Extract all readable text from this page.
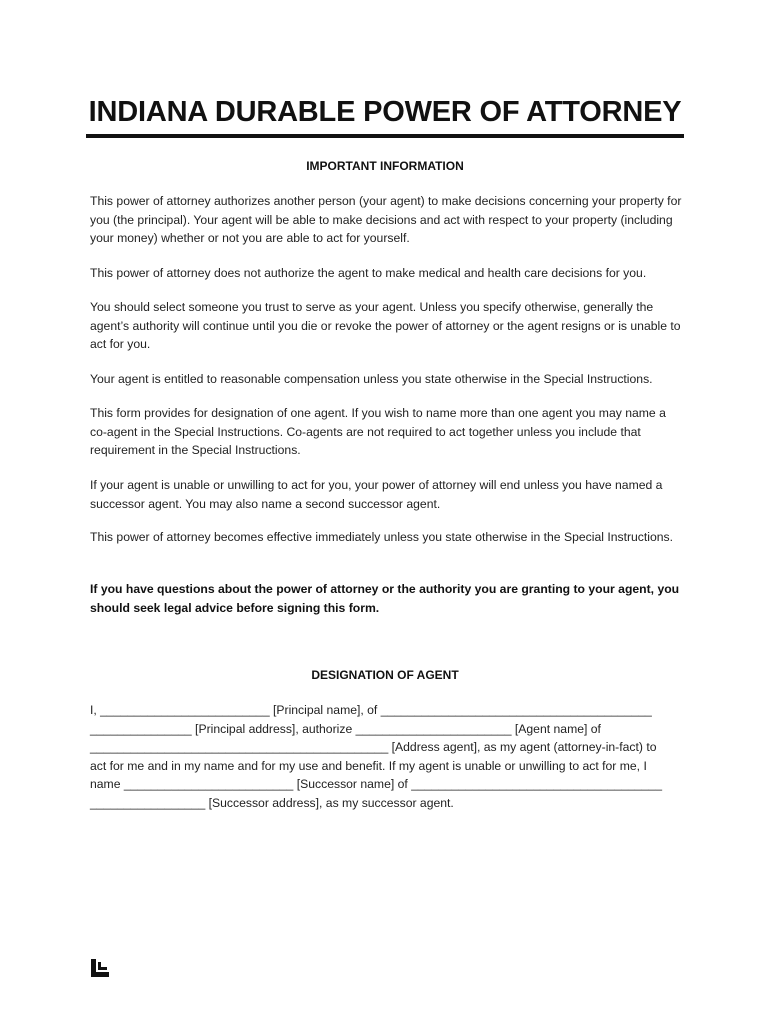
INDIANA DURABLE POWER OF ATTORNEY
IMPORTANT INFORMATION

This power of attorney authorizes another person (your agent) to make decisions concerning your property for you (the principal). Your agent will be able to make decisions and act with respect to your property (including your money) whether or not you are able to act for yourself.

This power of attorney does not authorize the agent to make medical and health care decisions for you.

You should select someone you trust to serve as your agent. Unless you specify otherwise, generally the agent’s authority will continue until you die or revoke the power of attorney or the agent resigns or is unable to act for you.

Your agent is entitled to reasonable compensation unless you state otherwise in the Special Instructions.

This form provides for designation of one agent. If you wish to name more than one agent you may name a co-agent in the Special Instructions. Co-agents are not required to act together unless you include that requirement in the Special Instructions.

If your agent is unable or unwilling to act for you, your power of attorney will end unless you have named a successor agent. You may also name a second successor agent.

This power of attorney becomes effective immediately unless you state otherwise in the Special Instructions.

If you have questions about the power of attorney or the authority you are granting to your agent, you should seek legal advice before signing this form.

DESIGNATION OF AGENT
I, _________________________ [Principal name], of ________________________________________
_______________ [Principal address], authorize _______________________ [Agent name] of
____________________________________________ [Address agent], as my agent (attorney-in-fact) to
act for me and in my name and for my use and benefit. If my agent is unable or unwilling to act for me, I
name _________________________ [Successor name] of _____________________________________
_________________ [Successor address], as my successor agent.
